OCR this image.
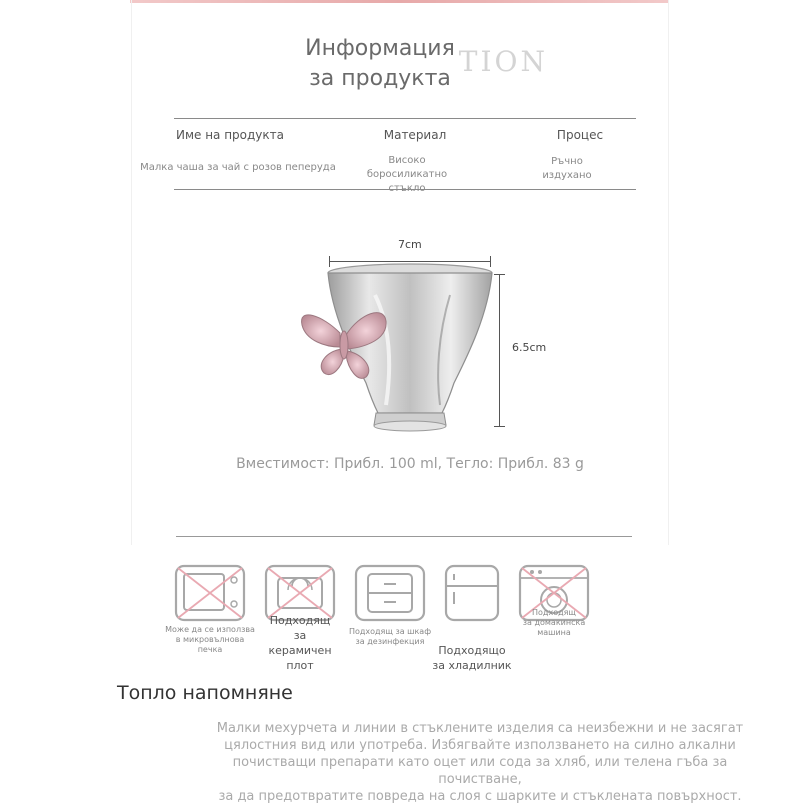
TION
Информация
за продукта
Име на продукта	Материал	Процес
Малка чаша за чай с розов пеперуда
Високо
боросиликатно
Ръчно
издухано
7cm
6.5cm
Вместимост: Прибл. 100 ml, Тегло: Прибл. 83 g
Може да се използва
в микровълнова
печка
Подходящ
за
керамичен
плот
Подходящ за шкаф
за дезинфекция
Подходящо
за хладилник
Подходящ
за домакинска
машина
Топло напомняне
Малки мехурчета и линии в стъклените изделия са неизбежни и не засягат
цялостния вид или употреба. Избягвайте използването на силно алкални
почистващи препарати като оцет или сода за хляб, или телена гъба за почистване,
за да предотвратите повреда на слоя с шарките и стъклената повърхност.
